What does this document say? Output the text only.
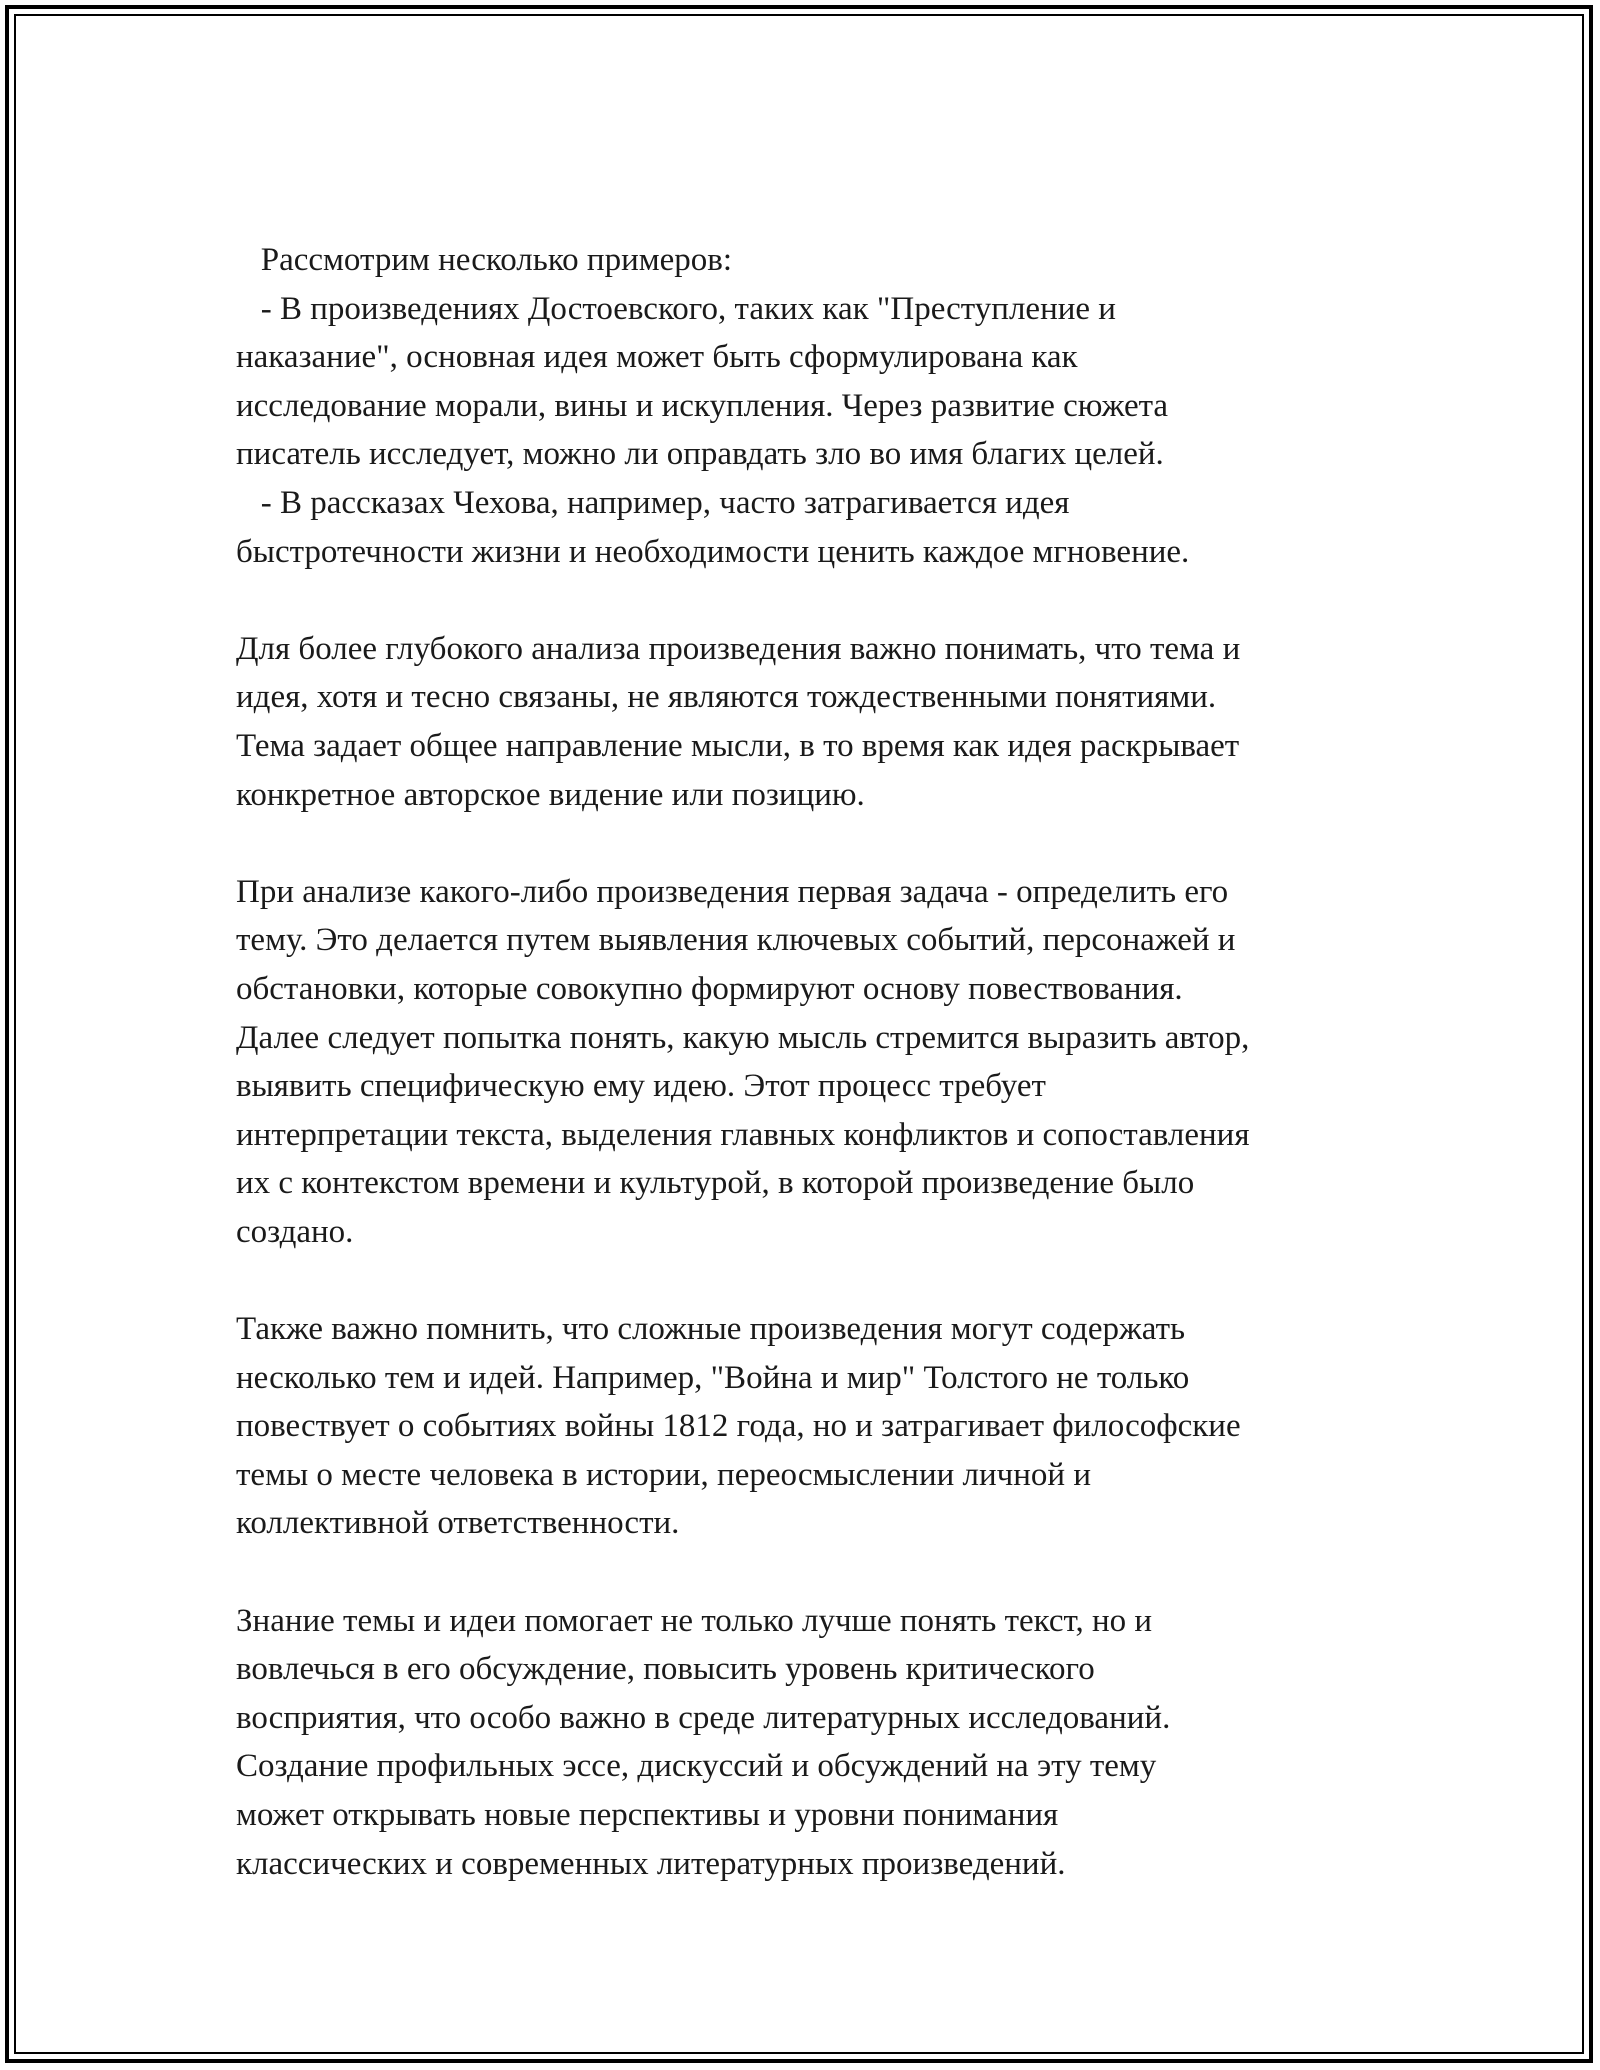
Рассмотрим несколько примеров:
- В произведениях Достоевского, таких как "Преступление и
наказание", основная идея может быть сформулирована как
исследование морали, вины и искупления. Через развитие сюжета
писатель исследует, можно ли оправдать зло во имя благих целей.
- В рассказах Чехова, например, часто затрагивается идея
быстротечности жизни и необходимости ценить каждое мгновение.
Для более глубокого анализа произведения важно понимать, что тема и
идея, хотя и тесно связаны, не являются тождественными понятиями.
Тема задает общее направление мысли, в то время как идея раскрывает
конкретное авторское видение или позицию.
При анализе какого-либо произведения первая задача - определить его
тему. Это делается путем выявления ключевых событий, персонажей и
обстановки, которые совокупно формируют основу повествования.
Далее следует попытка понять, какую мысль стремится выразить автор,
выявить специфическую ему идею. Этот процесс требует
интерпретации текста, выделения главных конфликтов и сопоставления
их с контекстом времени и культурой, в которой произведение было
создано.
Также важно помнить, что сложные произведения могут содержать
несколько тем и идей. Например, "Война и мир" Толстого не только
повествует о событиях войны 1812 года, но и затрагивает философские
темы о месте человека в истории, переосмыслении личной и
коллективной ответственности.
Знание темы и идеи помогает не только лучше понять текст, но и
вовлечься в его обсуждение, повысить уровень критического
восприятия, что особо важно в среде литературных исследований.
Создание профильных эссе, дискуссий и обсуждений на эту тему
может открывать новые перспективы и уровни понимания
классических и современных литературных произведений.
